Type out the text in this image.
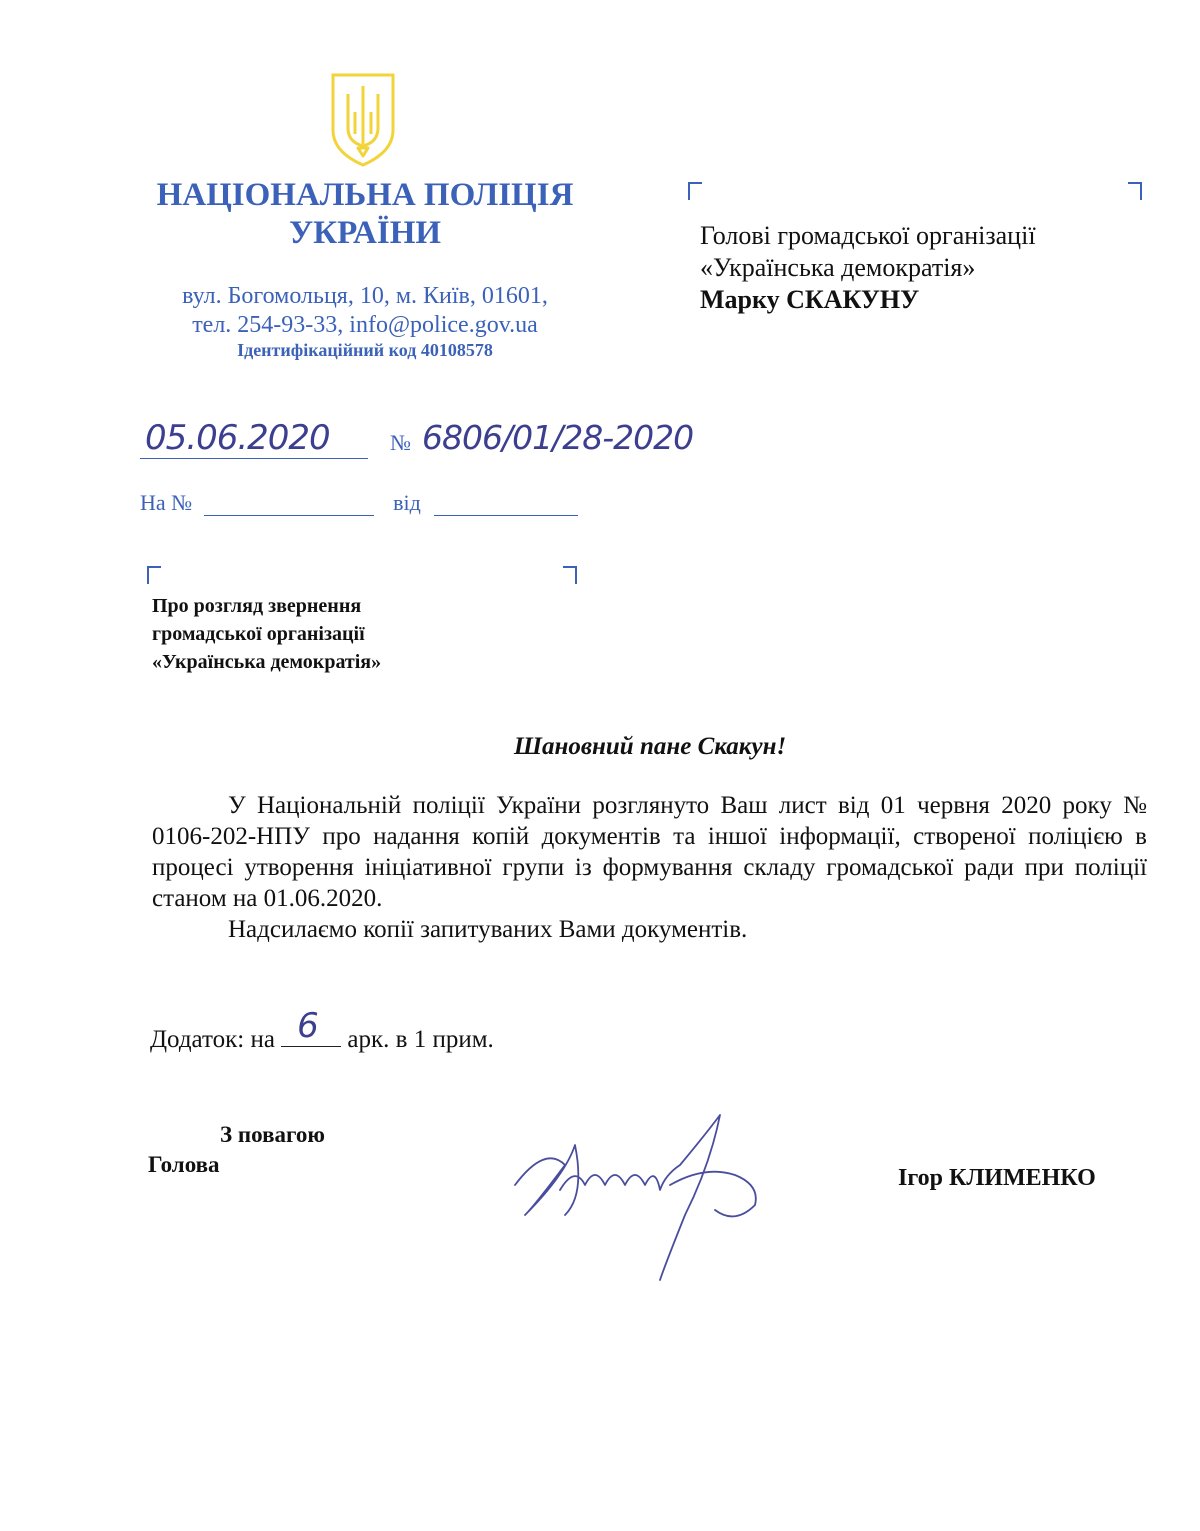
НАЦІОНАЛЬНА ПОЛІЦІЯ
УКРАЇНИ
вул. Богомольця, 10, м. Київ, 01601,
тел. 254-93-33, info@police.gov.ua
Ідентифікаційний код 40108578
Голові громадської організації
«Українська демократія»
Марку СКАКУНУ
05.06.2020	№ 6806/01/28-2020
На №	від
Про розгляд звернення
громадської організації
«Українська демократія»
Шановний пане Скакун!

У Національній поліції України розглянуто Ваш лист від 01 червня 2020 року № 0106-202-НПУ про надання копій документів та іншої інформації, створеної поліцією в процесі утворення ініціативної групи із формування складу громадської ради при поліції станом на 01.06.2020.

Надсилаємо копії запитуваних Вами документів.

Додаток: на 6 арк. в 1 прим.
З повагою
Голова
Ігор КЛИМЕНКО
